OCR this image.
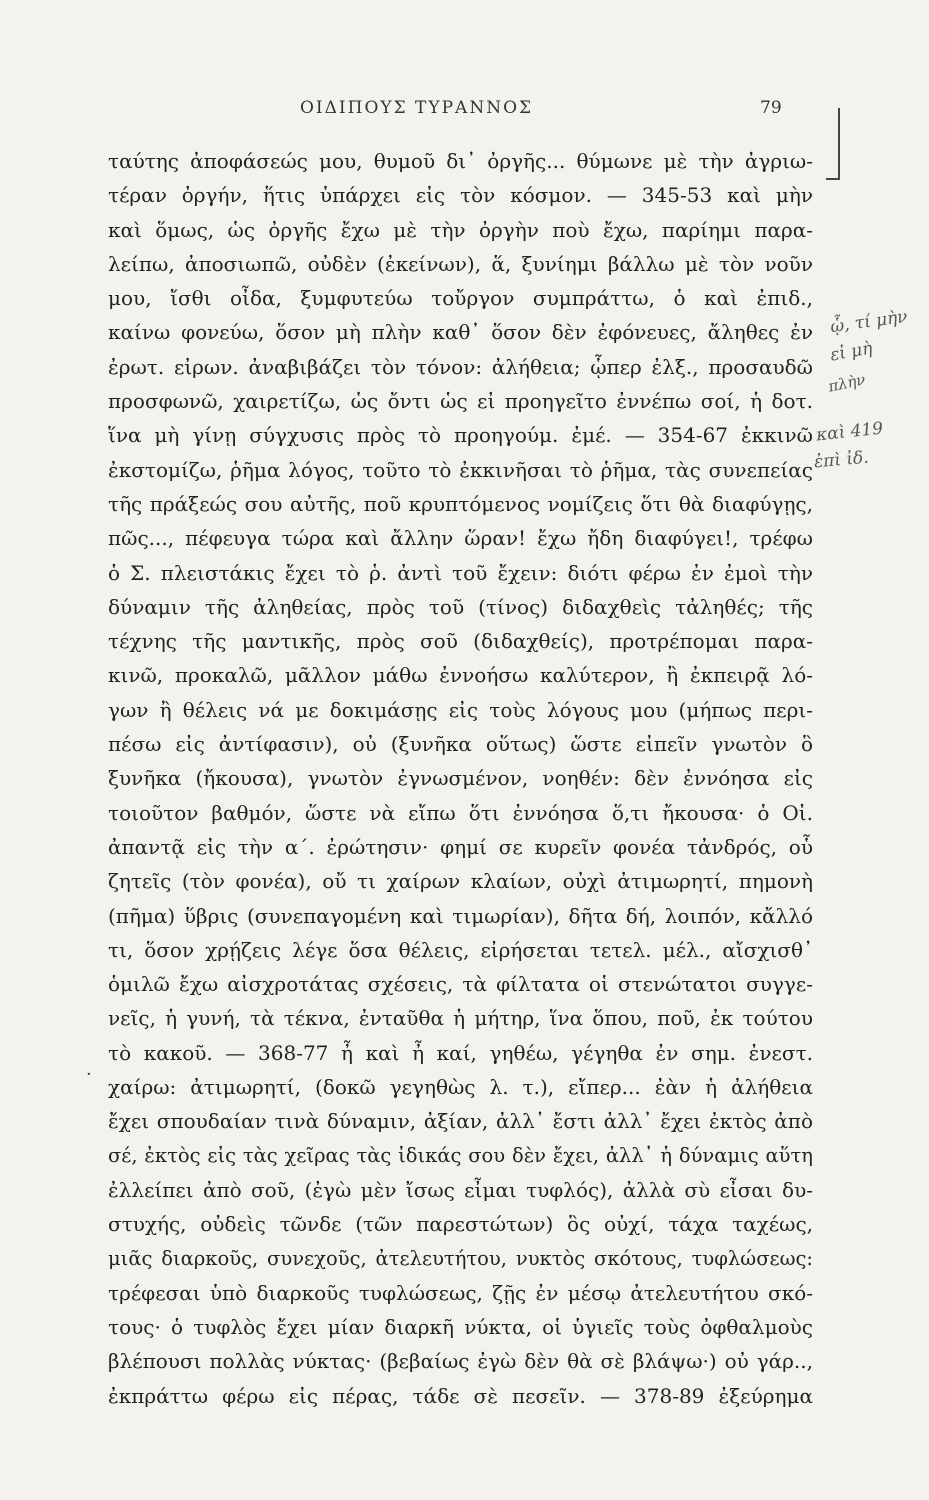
ΟΙΔΙΠΟΥΣ ΤΥΡΑΝΝΟΣ	79
ταύτης ἀποφάσεώς μου, θυμοῦ δι᾽ ὀργῆς... θύμωνε μὲ τὴν ἀγριω-
τέραν ὀργήν, ἥτις ὑπάρχει εἰς τὸν κόσμον. — 345-53 καὶ μὴν
καὶ ὅμως, ὡς ὀργῆς ἔχω μὲ τὴν ὀργὴν ποὺ ἔχω, παρίημι παρα-
λείπω, ἀποσιωπῶ, οὐδὲν (ἐκείνων), ἅ, ξυνίημι βάλλω μὲ τὸν νοῦν
μου, ἴσθι οἶδα, ξυμφυτεύω τοὔργον συμπράττω, ὁ καὶ ἐπιδ.,
καίνω φονεύω, ὅσον μὴ πλὴν καθ᾽ ὅσον δὲν ἐφόνευες, ἄληθες ἐν
ἐρωτ. εἰρων. ἀναβιβάζει τὸν τόνον: ἀλήθεια; ᾧπερ ἐλξ., προσαυδῶ
προσφωνῶ, χαιρετίζω, ὡς ὄντι ὡς εἰ προηγεῖτο ἐννέπω σοί, ἡ δοτ.
ἵνα μὴ γίνῃ σύγχυσις πρὸς τὸ προηγούμ. ἐμέ. — 354-67 ἐκκινῶ
ἐκστομίζω, ῥῆμα λόγος, τοῦτο τὸ ἐκκινῆσαι τὸ ῥῆμα, τὰς συνεπείας
τῆς πράξεώς σου αὐτῆς, ποῦ κρυπτόμενος νομίζεις ὅτι θὰ διαφύγῃς,
πῶς..., πέφευγα τώρα καὶ ἄλλην ὥραν! ἔχω ἤδη διαφύγει!, τρέφω
ὁ Σ. πλειστάκις ἔχει τὸ ῥ. ἀντὶ τοῦ ἔχειν: διότι φέρω ἐν ἐμοὶ τὴν
δύναμιν τῆς ἀληθείας, πρὸς τοῦ (τίνος) διδαχθεὶς τἀληθές; τῆς
τέχνης τῆς μαντικῆς, πρὸς σοῦ (διδαχθείς), προτρέπομαι παρα-
κινῶ, προκαλῶ, μᾶλλον μάθω ἐννοήσω καλύτερον, ἢ ἐκπειρᾷ λό-
γων ἢ θέλεις νά με δοκιμάσῃς εἰς τοὺς λόγους μου (μήπως περι-
πέσω εἰς ἀντίφασιν), οὐ (ξυνῆκα οὕτως) ὥστε εἰπεῖν γνωτὸν ὃ
ξυνῆκα (ἤκουσα), γνωτὸν ἐγνωσμένον, νοηθέν: δὲν ἐννόησα εἰς
τοιοῦτον βαθμόν, ὥστε νὰ εἴπω ὅτι ἐννόησα ὅ,τι ἤκουσα· ὁ Οἰ.
ἀπαντᾷ εἰς τὴν α΄. ἐρώτησιν· φημί σε κυρεῖν φονέα τἀνδρός, οὗ
ζητεῖς (τὸν φονέα), οὔ τι χαίρων κλαίων, οὐχὶ ἀτιμωρητί, πημονὴ
(πῆμα) ὕβρις (συνεπαγομένη καὶ τιμωρίαν), δῆτα δή, λοιπόν, κἄλλό
τι, ὅσον χρῄζεις λέγε ὅσα θέλεις, εἰρήσεται τετελ. μέλ., αἴσχισθ᾽
ὁμιλῶ ἔχω αἰσχροτάτας σχέσεις, τὰ φίλτατα οἱ στενώτατοι συγγε-
νεῖς, ἡ γυνή, τὰ τέκνα, ἐνταῦθα ἡ μήτηρ, ἵνα ὅπου, ποῦ, ἐκ τούτου
τὸ κακοῦ. — 368-77 ἦ καὶ ἦ καί, γηθέω, γέγηθα ἐν σημ. ἐνεστ.
χαίρω: ἀτιμωρητί, (δοκῶ γεγηθὼς λ. τ.), εἴπερ... ἐὰν ἡ ἀλήθεια
ἔχει σπουδαίαν τινὰ δύναμιν, ἀξίαν, ἀλλ᾽ ἔστι ἀλλ᾽ ἔχει ἐκτὸς ἀπὸ
σέ, ἐκτὸς εἰς τὰς χεῖρας τὰς ἰδικάς σου δὲν ἔχει, ἀλλ᾽ ἡ δύναμις αὕτη
ἐλλείπει ἀπὸ σοῦ, (ἐγὼ μὲν ἴσως εἶμαι τυφλός), ἀλλὰ σὺ εἶσαι δυ-
στυχής, οὐδεὶς τῶνδε (τῶν παρεστώτων) ὃς οὐχί, τάχα ταχέως,
μιᾶς διαρκοῦς, συνεχοῦς, ἀτελευτήτου, νυκτὸς σκότους, τυφλώσεως:
τρέφεσαι ὑπὸ διαρκοῦς τυφλώσεως, ζῇς ἐν μέσῳ ἀτελευτήτου σκό-
τους· ὁ τυφλὸς ἔχει μίαν διαρκῆ νύκτα, οἱ ὑγιεῖς τοὺς ὀφθαλμοὺς
βλέπουσι πολλὰς νύκτας· (βεβαίως ἐγὼ δὲν θὰ σὲ βλάψω·) οὐ γάρ..,
ἐκπράττω φέρω εἰς πέρας, τάδε σὲ πεσεῖν. — 378-89 ἐξεύρημα
ᾧ, τί μὴν
εἰ μὴ
πλὴν
καὶ 419
ἐπὶ ἰδ.
·
